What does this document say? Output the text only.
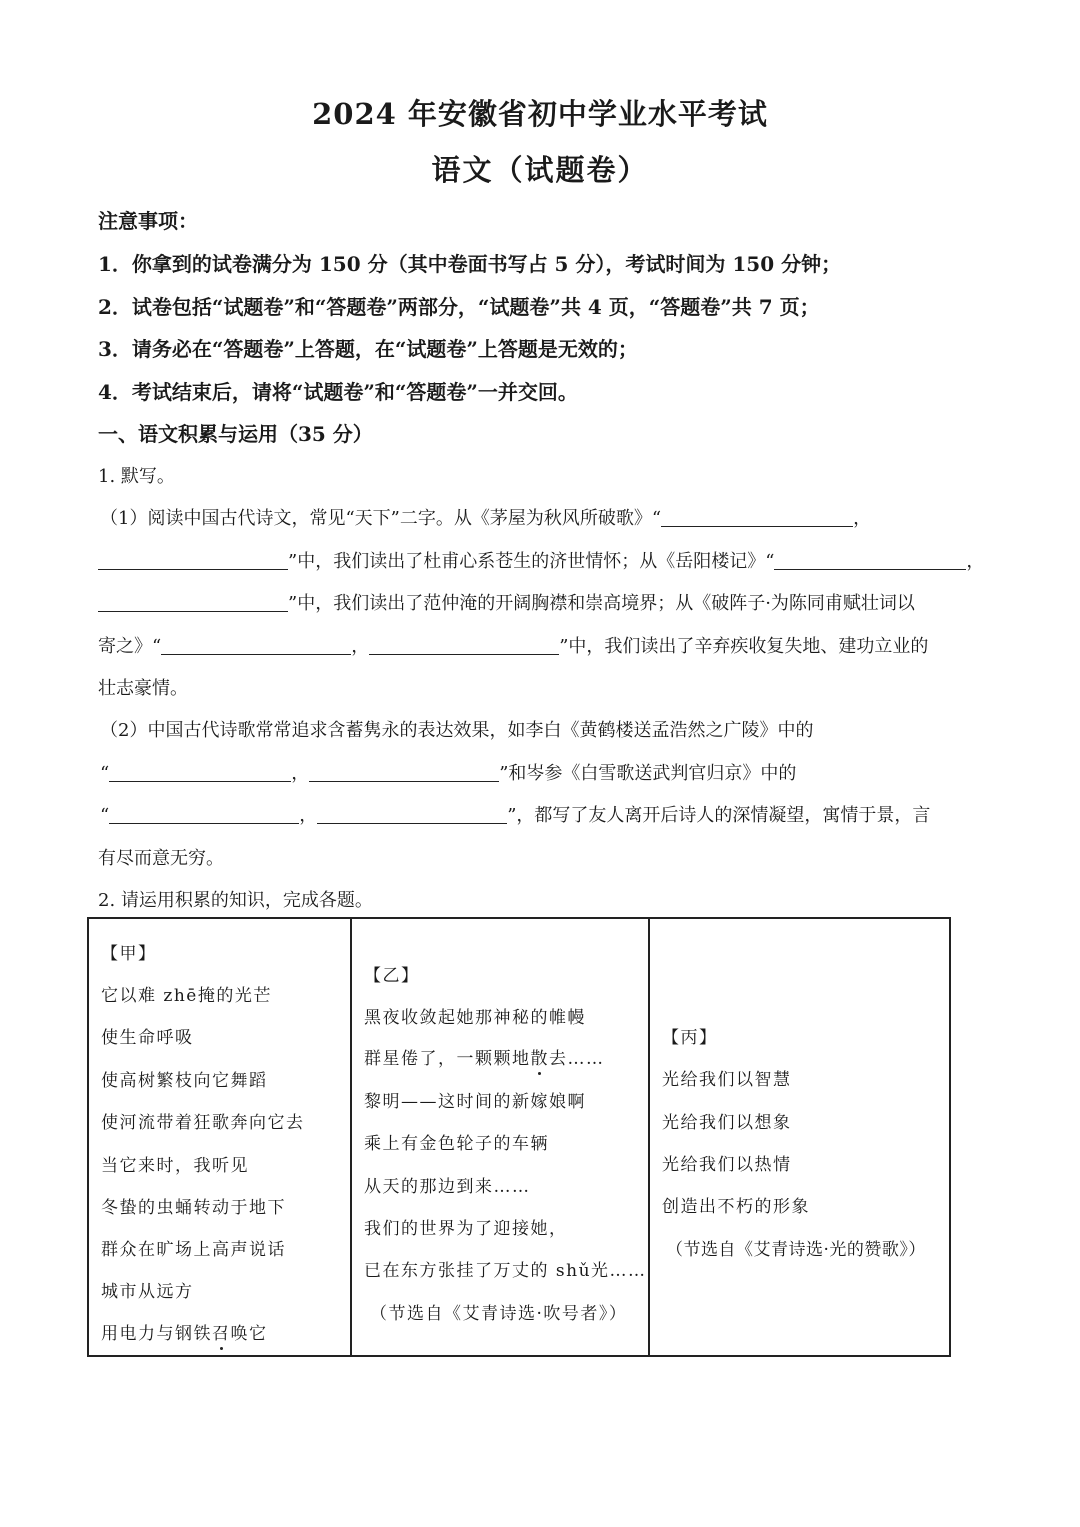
2024 年安徽省初中学业水平考试
语文（试题卷）
注意事项：
1．你拿到的试卷满分为 150 分（其中卷面书写占 5 分），考试时间为 150 分钟；
2．试卷包括“试题卷”和“答题卷”两部分，“试题卷”共 4 页，“答题卷”共 7 页；
3．请务必在“答题卷”上答题，在“试题卷”上答题是无效的；
4．考试结束后，请将“试题卷”和“答题卷”一并交回。
一、语文积累与运用（35 分）
1. 默写。
（1）阅读中国古代诗文，常见“天下”二字。从《茅屋为秋风所破歌》“	，
”中，我们读出了杜甫心系苍生的济世情怀；从《岳阳楼记》“	，
”中，我们读出了范仲淹的开阔胸襟和崇高境界；从《破阵子·为陈同甫赋壮词以
寄之》“	，	”中，我们读出了辛弃疾收复失地、建功立业的
壮志豪情。
（2）中国古代诗歌常常追求含蓄隽永的表达效果，如李白《黄鹤楼送孟浩然之广陵》中的
“	，	”和岑参《白雪歌送武判官归京》中的
“	，	”，都写了友人离开后诗人的深情凝望，寓情于景，言
有尽而意无穷。
2. 请运用积累的知识，完成各题。
【甲】
它以难 zhē掩的光芒
使生命呼吸
使高树繁枝向它舞蹈
使河流带着狂歌奔向它去
当它来时，我听见
冬蛰的虫蛹转动于地下
群众在旷场上高声说话
城市从远方
用电力与钢铁召唤它
【乙】
黑夜收敛起她那神秘的帷幔
群星倦了，一颗颗地散去……
黎明——这时间的新嫁娘啊
乘上有金色轮子的车辆
从天的那边到来……
我们的世界为了迎接她，
已在东方张挂了万丈的 shǔ光……
（节选自《艾青诗选·吹号者》）
【丙】
光给我们以智慧
光给我们以想象
光给我们以热情
创造出不朽的形象
（节选自《艾青诗选·光的赞歌》）
